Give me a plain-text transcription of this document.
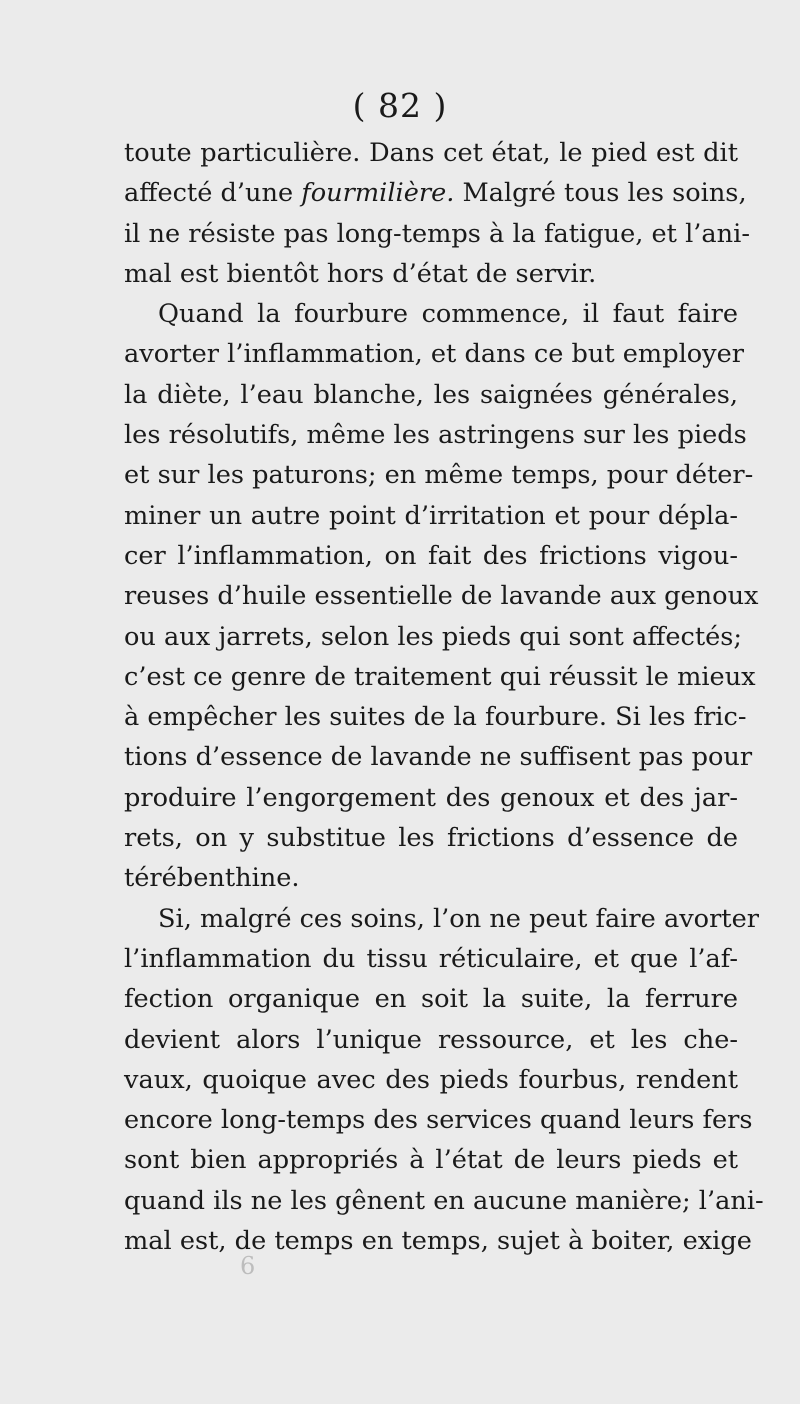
( 82 )
toute particulière. Dans cet état, le pied est dit
affecté d’une fourmilière. Malgré tous les soins,
il ne résiste pas long-temps à la fatigue, et l’ani-
mal est bientôt hors d’état de servir.
Quand la fourbure commence, il faut faire
avorter l’inflammation, et dans ce but employer
la diète, l’eau blanche, les saignées générales,
les résolutifs, même les astringens sur les pieds
et sur les paturons; en même temps, pour déter-
miner un autre point d’irritation et pour dépla-
cer l’inflammation, on fait des frictions vigou-
reuses d’huile essentielle de lavande aux genoux
ou aux jarrets, selon les pieds qui sont affectés;
c’est ce genre de traitement qui réussit le mieux
à empêcher les suites de la fourbure. Si les fric-
tions d’essence de lavande ne suffisent pas pour
produire l’engorgement des genoux et des jar-
rets, on y substitue les frictions d’essence de
térébenthine.
Si, malgré ces soins, l’on ne peut faire avorter
l’inflammation du tissu réticulaire, et que l’af-
fection organique en soit la suite, la ferrure
devient alors l’unique ressource, et les che-
vaux, quoique avec des pieds fourbus, rendent
encore long-temps des services quand leurs fers
sont bien appropriés à l’état de leurs pieds et
quand ils ne les gênent en aucune manière; l’ani-
mal est, de temps en temps, sujet à boiter, exige
6
